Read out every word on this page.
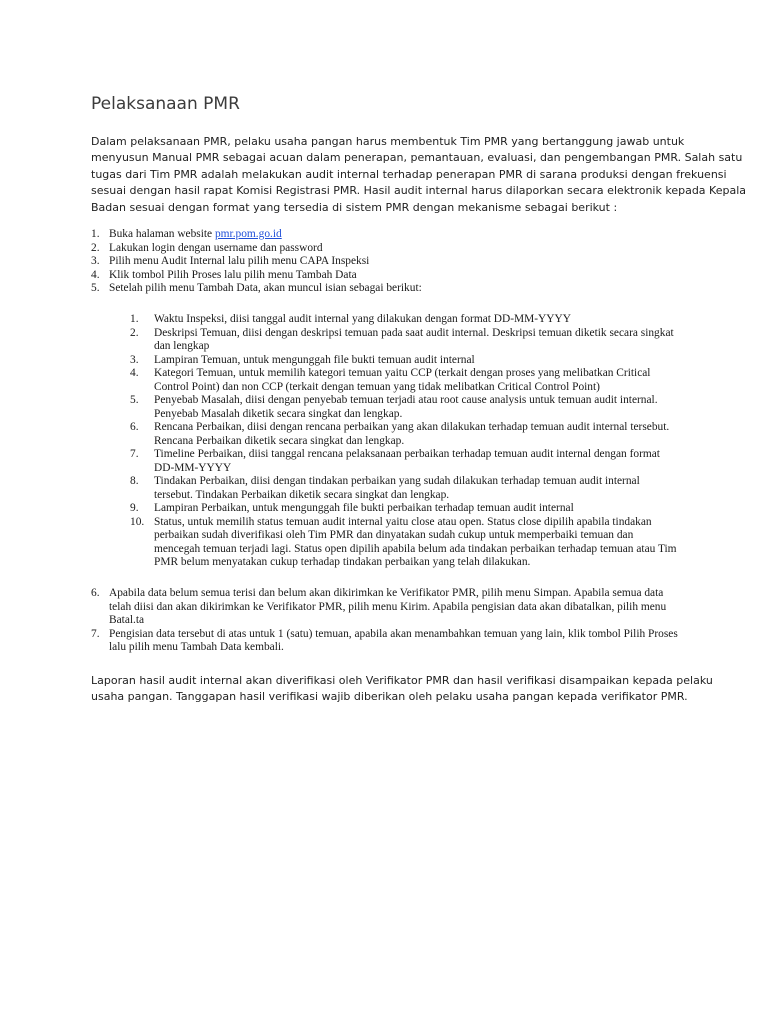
Pelaksanaan PMR

Dalam pelaksanaan PMR, pelaku usaha pangan harus membentuk Tim PMR yang bertanggung jawab untuk
menyusun Manual PMR sebagai acuan dalam penerapan, pemantauan, evaluasi, dan pengembangan PMR. Salah satu
tugas dari Tim PMR adalah melakukan audit internal terhadap penerapan PMR di sarana produksi dengan frekuensi
sesuai dengan hasil rapat Komisi Registrasi PMR. Hasil audit internal harus dilaporkan secara elektronik kepada Kepala
Badan sesuai dengan format yang tersedia di sistem PMR dengan mekanisme sebagai berikut :

1. Buka halaman website pmr.pom.go.id
2. Lakukan login dengan username dan password
3. Pilih menu Audit Internal lalu pilih menu CAPA Inspeksi
4. Klik tombol Pilih Proses lalu pilih menu Tambah Data
5. Setelah pilih menu Tambah Data, akan muncul isian sebagai berikut:
1. Waktu Inspeksi, diisi tanggal audit internal yang dilakukan dengan format DD-MM-YYYY
2. Deskripsi Temuan, diisi dengan deskripsi temuan pada saat audit internal. Deskripsi temuan diketik secara singkat
dan lengkap
3. Lampiran Temuan, untuk mengunggah file bukti temuan audit internal
4. Kategori Temuan, untuk memilih kategori temuan yaitu CCP (terkait dengan proses yang melibatkan Critical
Control Point) dan non CCP (terkait dengan temuan yang tidak melibatkan Critical Control Point)
5. Penyebab Masalah, diisi dengan penyebab temuan terjadi atau root cause analysis untuk temuan audit internal.
Penyebab Masalah diketik secara singkat dan lengkap.
6. Rencana Perbaikan, diisi dengan rencana perbaikan yang akan dilakukan terhadap temuan audit internal tersebut.
Rencana Perbaikan diketik secara singkat dan lengkap.
7. Timeline Perbaikan, diisi tanggal rencana pelaksanaan perbaikan terhadap temuan audit internal dengan format
DD-MM-YYYY
8. Tindakan Perbaikan, diisi dengan tindakan perbaikan yang sudah dilakukan terhadap temuan audit internal
tersebut. Tindakan Perbaikan diketik secara singkat dan lengkap.
9. Lampiran Perbaikan, untuk mengunggah file bukti perbaikan terhadap temuan audit internal
10. Status, untuk memilih status temuan audit internal yaitu close atau open. Status close dipilih apabila tindakan
perbaikan sudah diverifikasi oleh Tim PMR dan dinyatakan sudah cukup untuk memperbaiki temuan dan
mencegah temuan terjadi lagi. Status open dipilih apabila belum ada tindakan perbaikan terhadap temuan atau Tim
PMR belum menyatakan cukup terhadap tindakan perbaikan yang telah dilakukan.
6. Apabila data belum semua terisi dan belum akan dikirimkan ke Verifikator PMR, pilih menu Simpan. Apabila semua data
telah diisi dan akan dikirimkan ke Verifikator PMR, pilih menu Kirim. Apabila pengisian data akan dibatalkan, pilih menu
Batal.ta
7. Pengisian data tersebut di atas untuk 1 (satu) temuan, apabila akan menambahkan temuan yang lain, klik tombol Pilih Proses
lalu pilih menu Tambah Data kembali.

Laporan hasil audit internal akan diverifikasi oleh Verifikator PMR dan hasil verifikasi disampaikan kepada pelaku
usaha pangan. Tanggapan hasil verifikasi wajib diberikan oleh pelaku usaha pangan kepada verifikator PMR.
